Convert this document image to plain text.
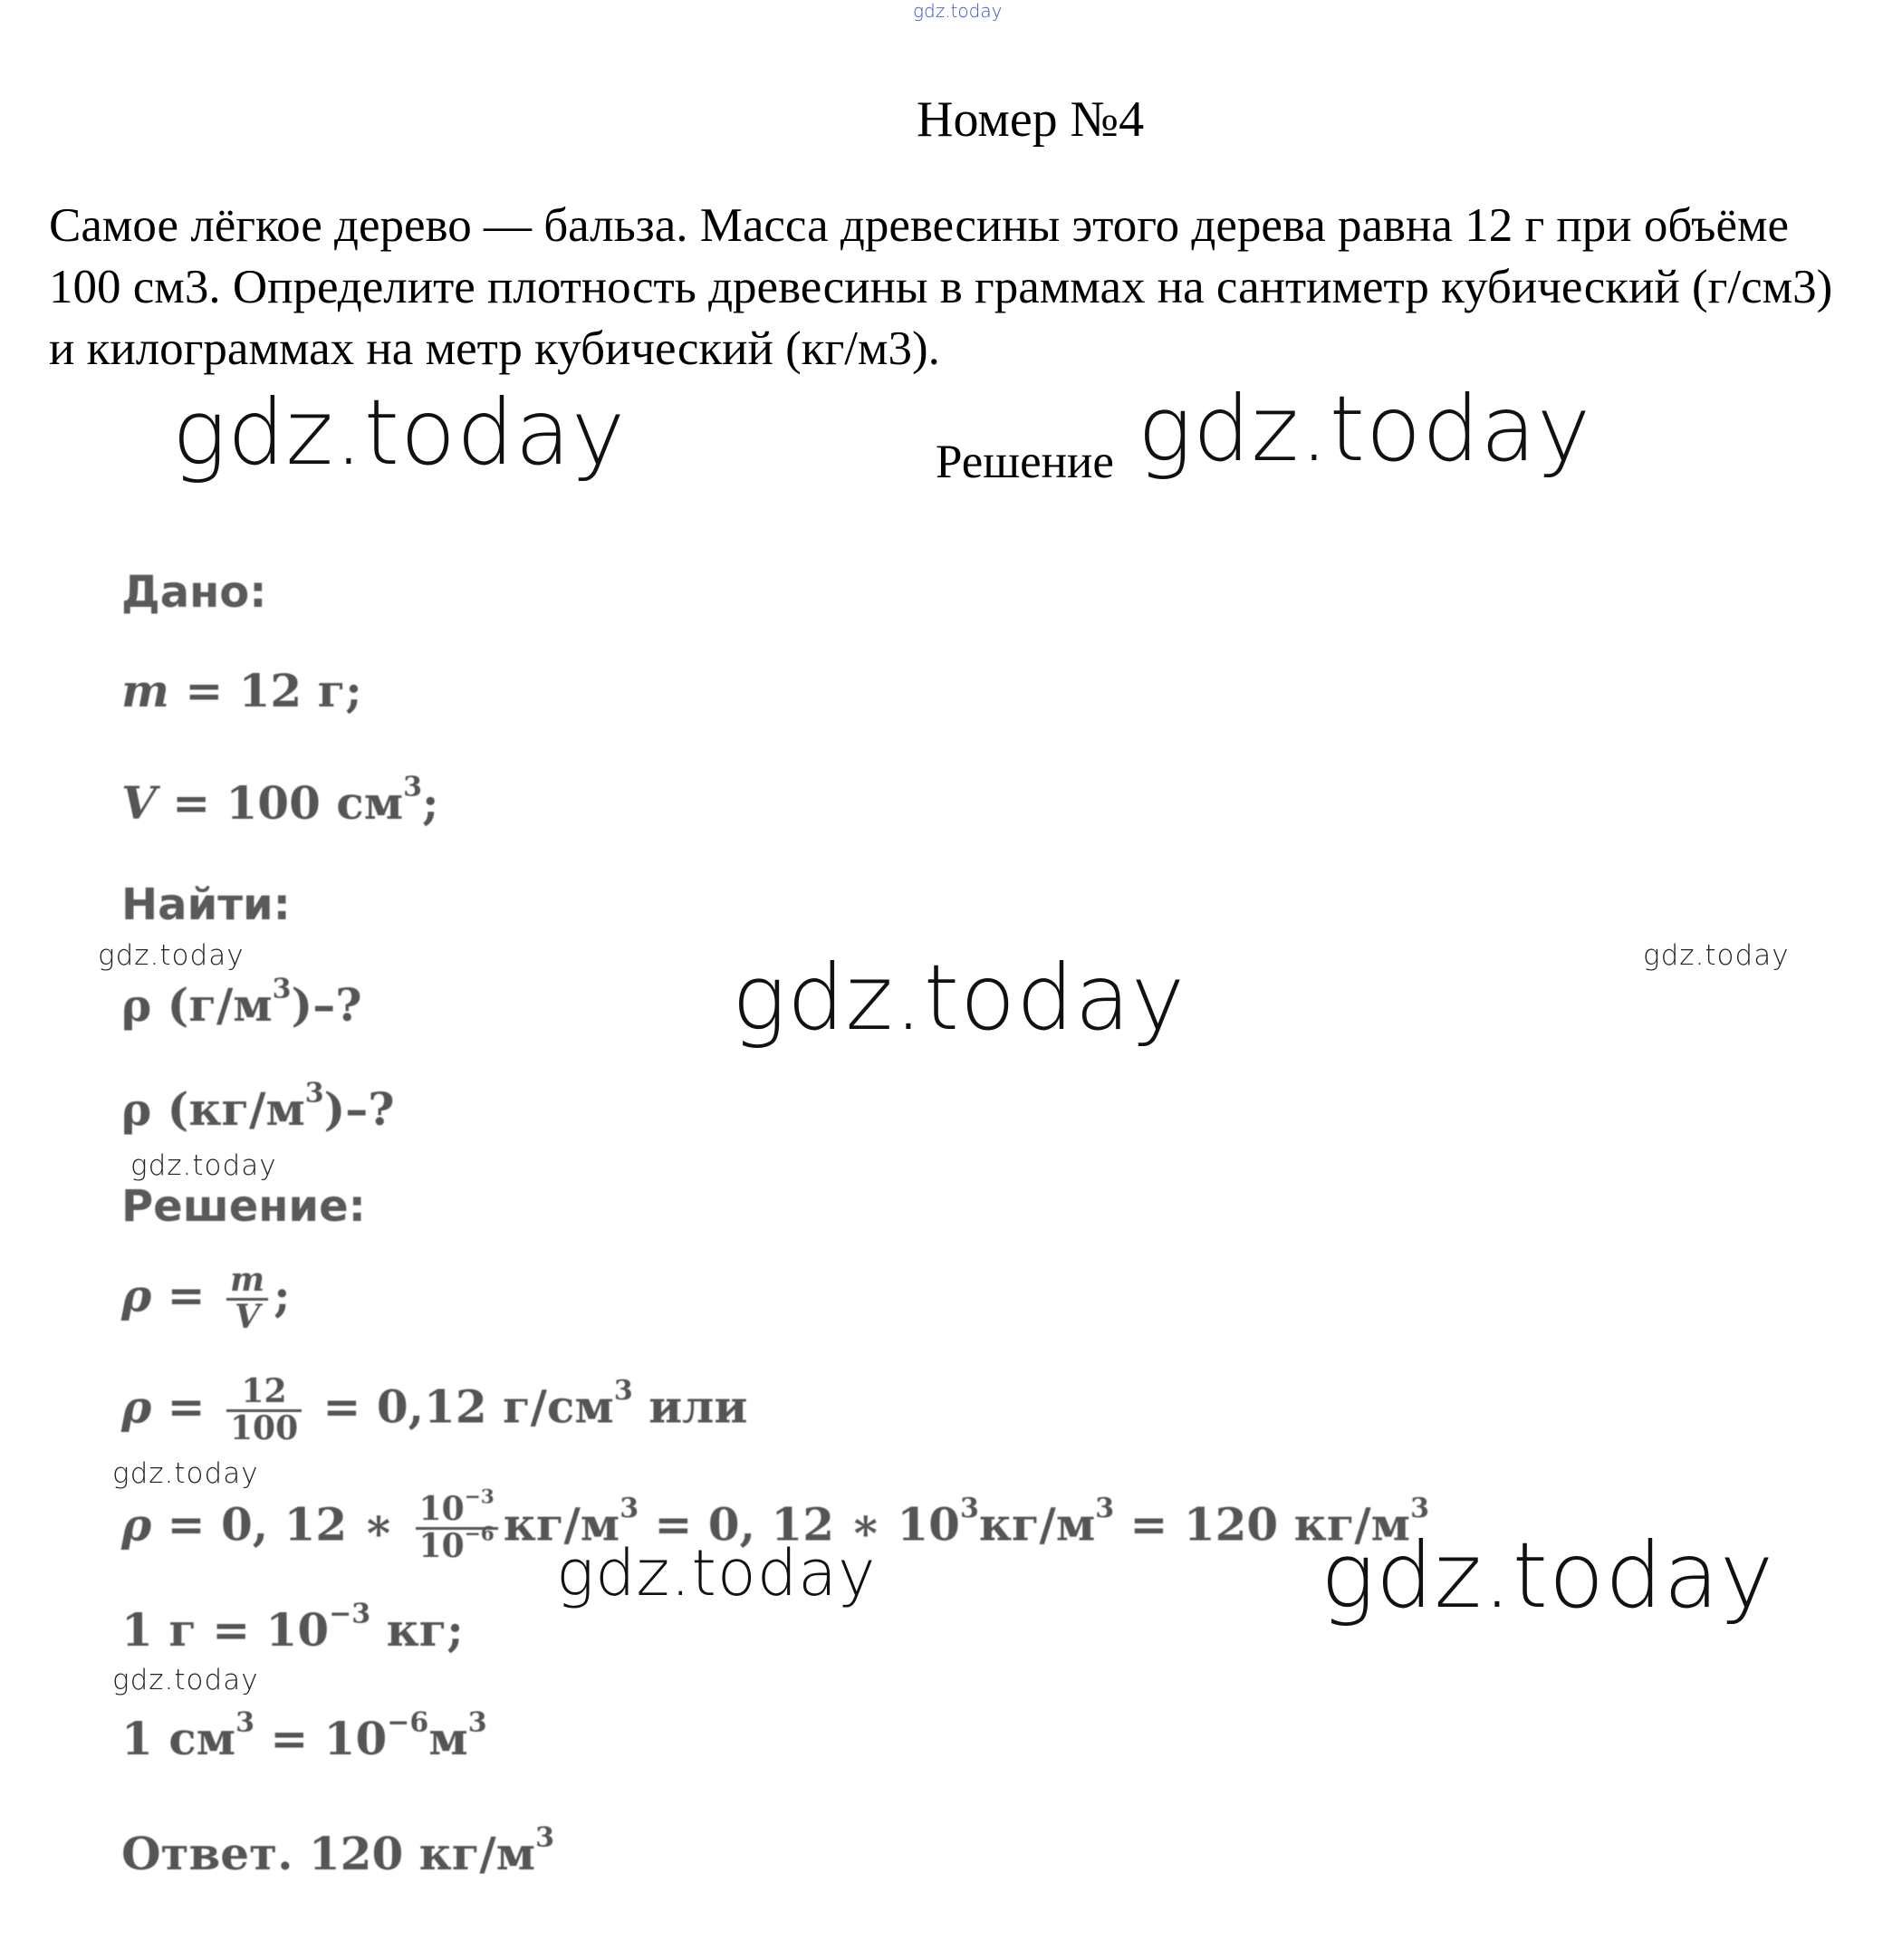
gdz.today
Номер №4
Самое лёгкое дерево — бальза. Масса древесины этого дерева равна 12 г при объёме 100 см3. Определите плотность древесины в граммах на сантиметр кубический (г/см3) и килограммах на метр кубический (кг/м3).
gdz.today	Решение gdz.today
Дано:
m = 12 г;
V = 100 $см^3$;
Найти:
gdz.today	gdz.today	gdz.today
ρ $(г/м^3)-$?
ρ $(кг/м^3)-$?
gdz.today
Решение:
$\rho = \frac{m}{V}$ ;
$\rho = \frac{12}{100} = 0,12$ $г/см^3$ или
gdz.today
ρ = 0, 12 ∗ $\frac{10^{-3}}{10^{-6}} кг/м^3 = 0$, 12 ∗ $10^3кг/м^3 = 120$ $кг/м^3$
gdz.today	gdz.today
1 $г = 10^{-3}$ кг;
gdz.today
1 $см^3 = 10^{-6}м^3$
Ответ. 120 $кг/м^3$
